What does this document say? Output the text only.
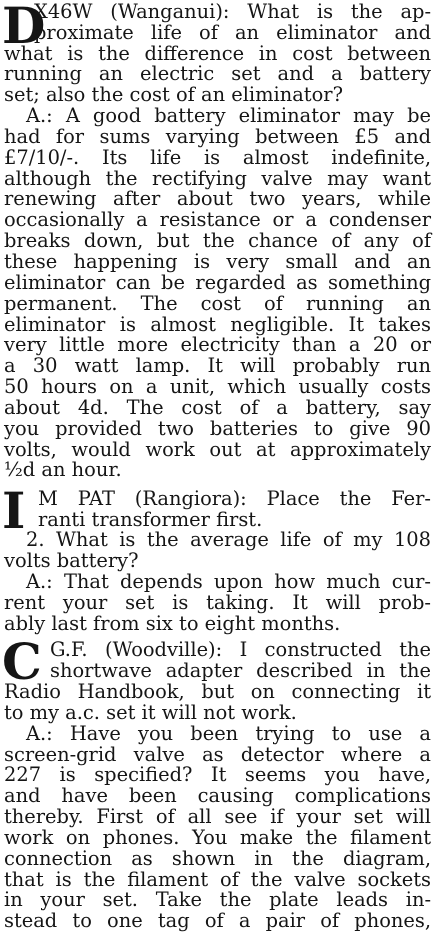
D
X46W (Wanganui): What is the ap-
proximate life of an eliminator and
what is the difference in cost between
running an electric set and a battery
set; also the cost of an eliminator?
A.: A good battery eliminator may be
had for sums varying between £5 and
£7/10/-. Its life is almost indefinite,
although the rectifying valve may want
renewing after about two years, while
occasionally a resistance or a condenser
breaks down, but the chance of any of
these happening is very small and an
eliminator can be regarded as something
permanent. The cost of running an
eliminator is almost negligible. It takes
very little more electricity than a 20 or
a 30 watt lamp. It will probably run
50 hours on a unit, which usually costs
about 4d. The cost of a battery, say
you provided two batteries to give 90
volts, would work out at approximately
½d an hour.
I M PAT (Rangiora): Place the Fer-
ranti transformer first.
2. What is the average life of my 108
volts battery?
A.: That depends upon how much cur-
rent your set is taking. It will prob-
ably last from six to eight months.
C G.F. (Woodville): I constructed the
shortwave adapter described in the
Radio Handbook, but on connecting it
to my a.c. set it will not work.
A.: Have you been trying to use a
screen-grid valve as detector where a
227 is specified? It seems you have,
and have been causing complications
thereby. First of all see if your set will
work on phones. You make the filament
connection as shown in the diagram,
that is the filament of the valve sockets
in your set. Take the plate leads in-
stead to one tag of a pair of phones,
